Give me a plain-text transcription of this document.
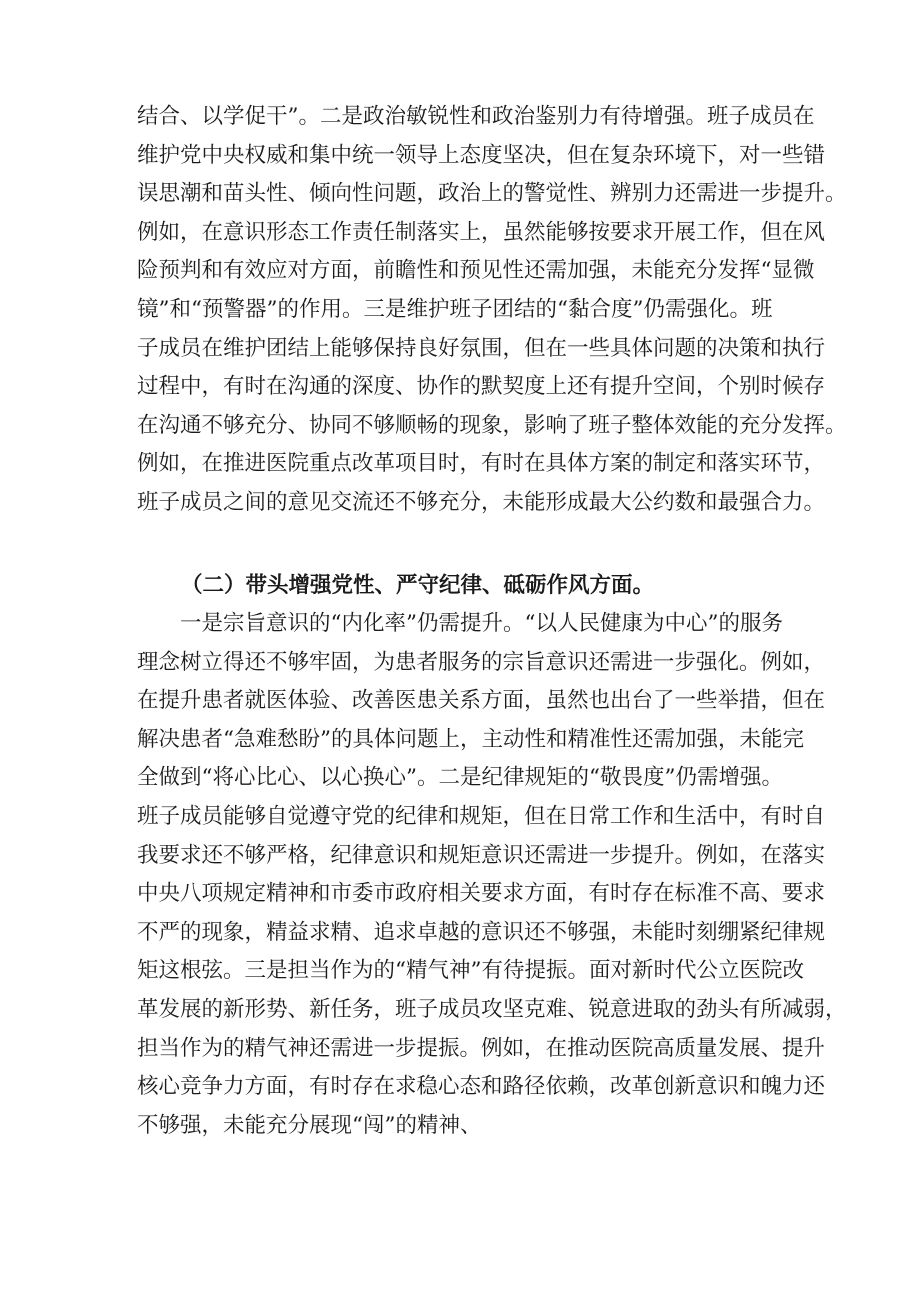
结合、以学促干”。二是政治敏锐性和政治鉴别力有待增强。班子成员在
维护党中央权威和集中统一领导上态度坚决，但在复杂环境下，对一些错
误思潮和苗头性、倾向性问题，政治上的警觉性、辨别力还需进一步提升。
例如，在意识形态工作责任制落实上，虽然能够按要求开展工作，但在风
险预判和有效应对方面，前瞻性和预见性还需加强，未能充分发挥“显微
镜”和“预警器”的作用。三是维护班子团结的“黏合度”仍需强化。班
子成员在维护团结上能够保持良好氛围，但在一些具体问题的决策和执行
过程中，有时在沟通的深度、协作的默契度上还有提升空间，个别时候存
在沟通不够充分、协同不够顺畅的现象，影响了班子整体效能的充分发挥。
例如，在推进医院重点改革项目时，有时在具体方案的制定和落实环节，
班子成员之间的意见交流还不够充分，未能形成最大公约数和最强合力。
（二）带头增强党性、严守纪律、砥砺作风方面。
　　一是宗旨意识的“内化率”仍需提升。“以人民健康为中心”的服务
理念树立得还不够牢固，为患者服务的宗旨意识还需进一步强化。例如，
在提升患者就医体验、改善医患关系方面，虽然也出台了一些举措，但在
解决患者“急难愁盼”的具体问题上，主动性和精准性还需加强，未能完
全做到“将心比心、以心换心”。二是纪律规矩的“敬畏度”仍需增强。
班子成员能够自觉遵守党的纪律和规矩，但在日常工作和生活中，有时自
我要求还不够严格，纪律意识和规矩意识还需进一步提升。例如，在落实
中央八项规定精神和市委市政府相关要求方面，有时存在标准不高、要求
不严的现象，精益求精、追求卓越的意识还不够强，未能时刻绷紧纪律规
矩这根弦。三是担当作为的“精气神”有待提振。面对新时代公立医院改
革发展的新形势、新任务，班子成员攻坚克难、锐意进取的劲头有所减弱，
担当作为的精气神还需进一步提振。例如，在推动医院高质量发展、提升
核心竞争力方面，有时存在求稳心态和路径依赖，改革创新意识和魄力还
不够强，未能充分展现“闯”的精神、
